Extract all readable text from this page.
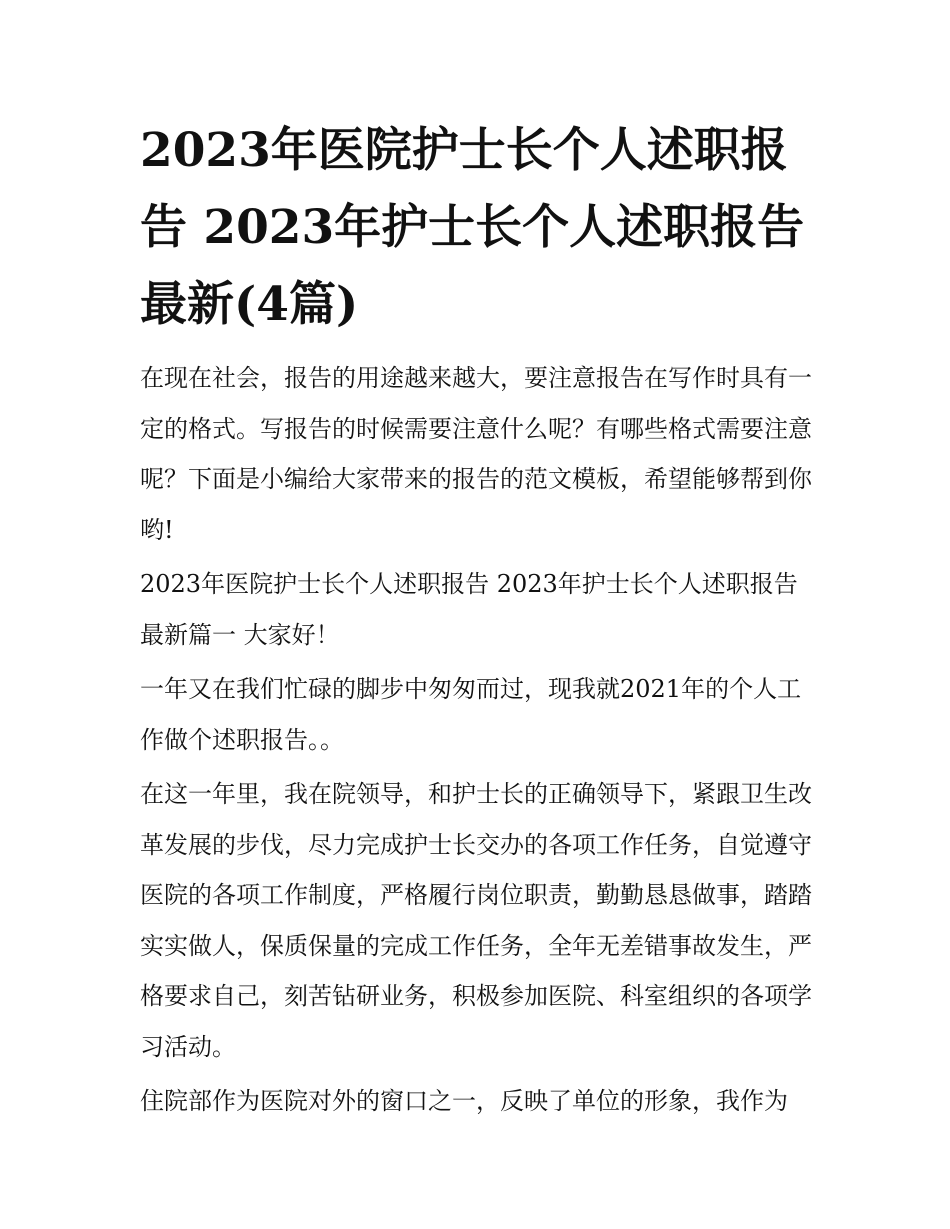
2023年医院护士长个人述职报告 2023年护士长个人述职报告 最新(4篇)

在现在社会，报告的用途越来越大，要注意报告在写作时具有一定的格式。写报告的时候需要注意什么呢？有哪些格式需要注意呢？下面是小编给大家带来的报告的范文模板，希望能够帮到你哟!

2023年医院护士长个人述职报告 2023年护士长个人述职报告最新篇一 大家好！

一年又在我们忙碌的脚步中匆匆而过，现我就2021年的个人工作做个述职报告。。

在这一年里，我在院领导，和护士长的正确领导下，紧跟卫生改革发展的步伐，尽力完成护士长交办的各项工作任务，自觉遵守医院的各项工作制度，严格履行岗位职责，勤勤恳恳做事，踏踏实实做人，保质保量的完成工作任务，全年无差错事故发生，严格要求自己，刻苦钻研业务，积极参加医院、科室组织的各项学习活动。

住院部作为医院对外的窗口之一，反映了单位的形象，我作为
